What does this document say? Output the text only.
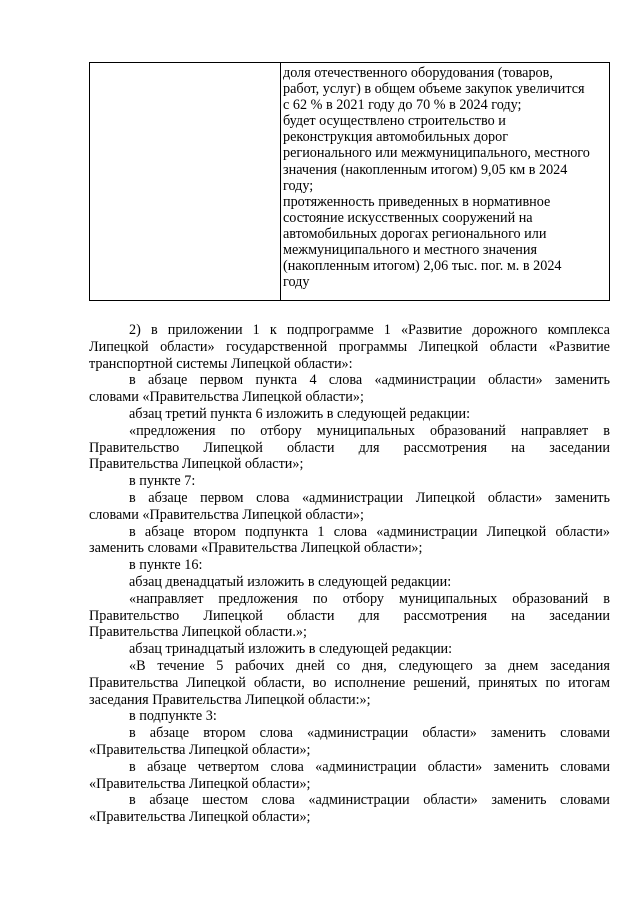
доля отечественного оборудования (товаров,
работ, услуг) в общем объеме закупок увеличится
с 62 % в 2021 году до 70 % в 2024 году;
будет осуществлено строительство и
реконструкция автомобильных дорог
регионального или межмуниципального, местного
значения (накопленным итогом) 9,05 км в 2024
году;
протяженность приведенных в нормативное
состояние искусственных сооружений на
автомобильных дорогах регионального или
межмуниципального и местного значения
(накопленным итогом) 2,06 тыс. пог. м. в 2024
году
2) в приложении 1 к подпрограмме 1 «Развитие дорожного комплекса
Липецкой области» государственной программы Липецкой области «Развитие
транспортной системы Липецкой области»:
в абзаце первом пункта 4 слова «администрации области» заменить
словами «Правительства Липецкой области»;
абзац третий пункта 6 изложить в следующей редакции:
«предложения по отбору муниципальных образований направляет в
Правительство Липецкой области для рассмотрения на заседании
Правительства Липецкой области»;
в пункте 7:
в абзаце первом слова «администрации Липецкой области» заменить
словами «Правительства Липецкой области»;
в абзаце втором подпункта 1 слова «администрации Липецкой области»
заменить словами «Правительства Липецкой области»;
в пункте 16:
абзац двенадцатый изложить в следующей редакции:
«направляет предложения по отбору муниципальных образований в
Правительство Липецкой области для рассмотрения на заседании
Правительства Липецкой области.»;
абзац тринадцатый изложить в следующей редакции:
«В течение 5 рабочих дней со дня, следующего за днем заседания
Правительства Липецкой области, во исполнение решений, принятых по итогам
заседания Правительства Липецкой области:»;
в подпункте 3:
в абзаце втором слова «администрации области» заменить словами
«Правительства Липецкой области»;
в абзаце четвертом слова «администрации области» заменить словами
«Правительства Липецкой области»;
в абзаце шестом слова «администрации области» заменить словами
«Правительства Липецкой области»;
